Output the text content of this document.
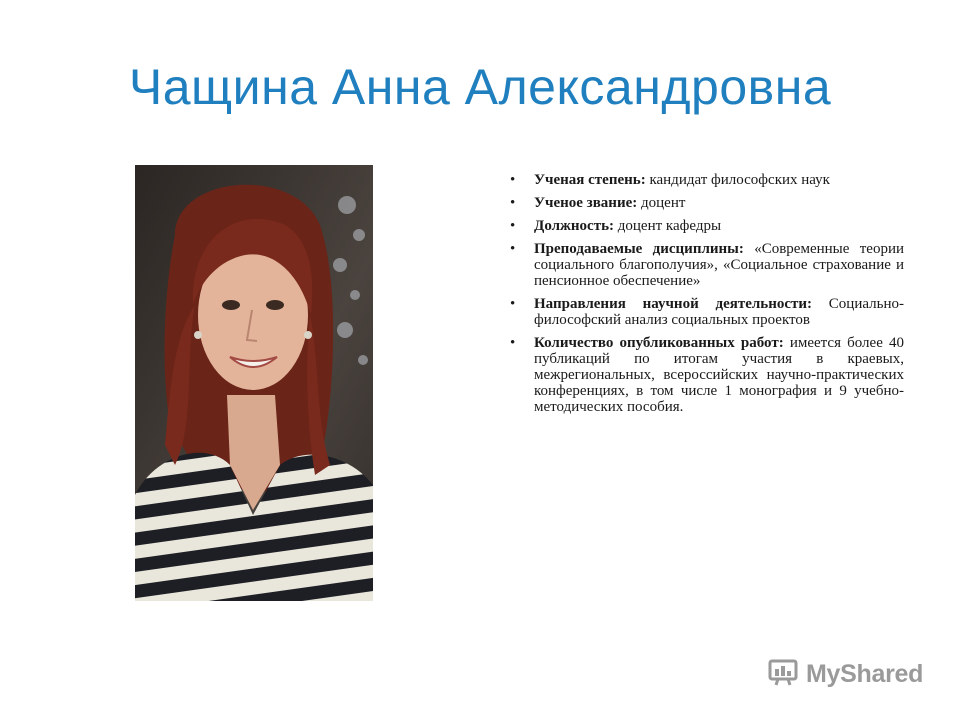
Чащина Анна Александровна
• Ученая степень: кандидат философских наук
• Ученое звание: доцент
• Должность: доцент кафедры
• Преподаваемые дисциплины: «Современные теории социального благополучия», «Социальное страхование и пенсионное обеспечение»
• Направления научной деятельности: Социально-философский анализ социальных проектов
• Количество опубликованных работ: имеется более 40 публикаций по итогам участия в краевых, межрегиональных, всероссийских научно-практических конференциях, в том числе 1 монография и 9 учебно-методических пособия.
MyShared
